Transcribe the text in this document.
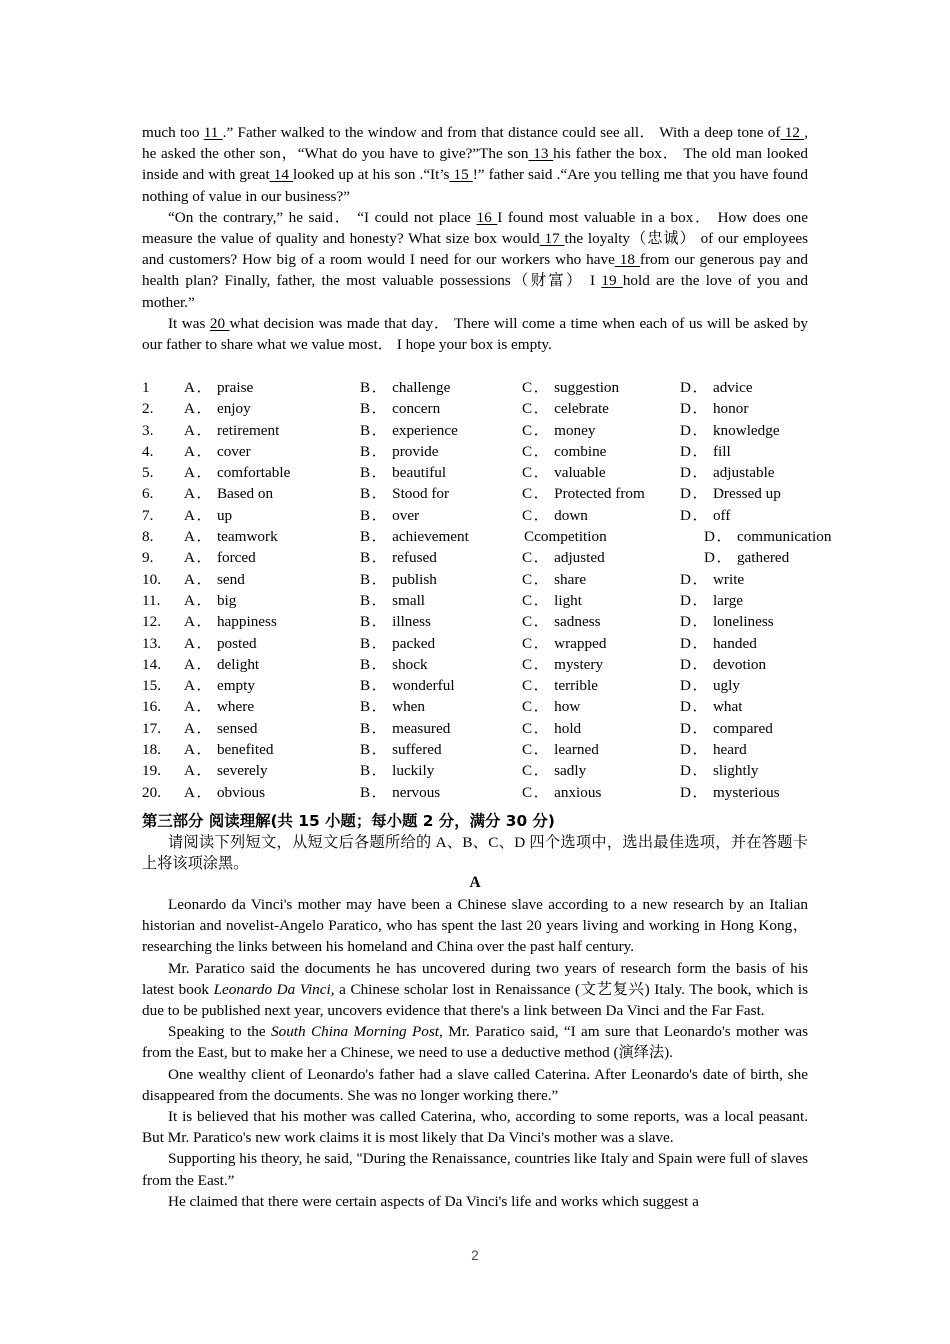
much too 11 .” Father walked to the window and from that distance could see all． With a deep tone of 12 , he asked the other son，“What do you have to give?”The son 13 his father the box． The old man looked inside and with great 14 looked up at his son .“It’s 15 !” father said .“Are you telling me that you have found nothing of value in our business?”

“On the contrary,” he said． “I could not place 16 I found most valuable in a box． How does one measure the value of quality and honesty? What size box would 17 the loyalty（忠诚） of our employees and customers? How big of a room would I need for our workers who have 18 from our generous pay and health plan? Finally, father, the most valuable possessions（财富） I 19 hold are the love of you and mother.”

It was 20 what decision was made that day． There will come a time when each of us will be asked by our father to share what we value most． I hope your box is empty.

1	A． praise	B． challenge	C． suggestion	D． advice
2.	A． enjoy	B． concern	C． celebrate	D． honor
3.	A． retirement	B． experience	C． money	D． knowledge
4.	A． cover	B． provide	C． combine	D． fill
5.	A． comfortable	B． beautiful	C． valuable	D． adjustable
6.	A． Based on	B． Stood for	C． Protected from D． Dressed up
7.	A． up	B． over	C． down	D． off
8.	A． teamwork	B． achievement	Ccompetition	D． communication
9.	A． forced	B． refused	C． adjusted	D． gathered
10.	A． send	B． publish	C． share	D． write
11.	A． big	B． small	C． light	D． large
12.	A． happiness	B． illness	C． sadness	D． loneliness
13.	A． posted	B． packed	C． wrapped	D． handed
14.	A． delight	B． shock	C． mystery	D． devotion
15.	A． empty	B． wonderful	C． terrible	D． ugly
16.	A． where	B． when	C． how	D． what
17.	A． sensed	B． measured	C． hold	D． compared
18.	A． benefited	B． suffered	C． learned	D． heard
19.	A． severely	B． luckily	C． sadly	D． slightly
20.	A． obvious	B． nervous	C． anxious	D． mysterious
第三部分 阅读理解(共 15 小题；每小题 2 分，满分 30 分)
请阅读下列短文，从短文后各题所给的 A、B、C、D 四个选项中，选出最佳选项，并在答题卡上将该项涂黑。
A

Leonardo da Vinci's mother may have been a Chinese slave according to a new research by an Italian historian and novelist-Angelo Paratico, who has spent the last 20 years living and working in Hong Kong， researching the links between his homeland and China over the past half century.

Mr. Paratico said the documents he has uncovered during two years of research form the basis of his latest book Leonardo Da Vinci, a Chinese scholar lost in Renaissance (文艺复兴) Italy. The book, which is due to be published next year, uncovers evidence that there's a link between Da Vinci and the Far Fast.

Speaking to the South China Morning Post, Mr. Paratico said, “I am sure that Leonardo's mother was from the East, but to make her a Chinese, we need to use a deductive method (演绎法).

One wealthy client of Leonardo's father had a slave called Caterina. After Leonardo's date of birth, she disappeared from the documents. She was no longer working there.”

It is believed that his mother was called Caterina, who, according to some reports, was a local peasant. But Mr. Paratico's new work claims it is most likely that Da Vinci's mother was a slave.

Supporting his theory, he said, "During the Renaissance, countries like Italy and Spain were full of slaves from the East.”

He claimed that there were certain aspects of Da Vinci's life and works which suggest a

2
